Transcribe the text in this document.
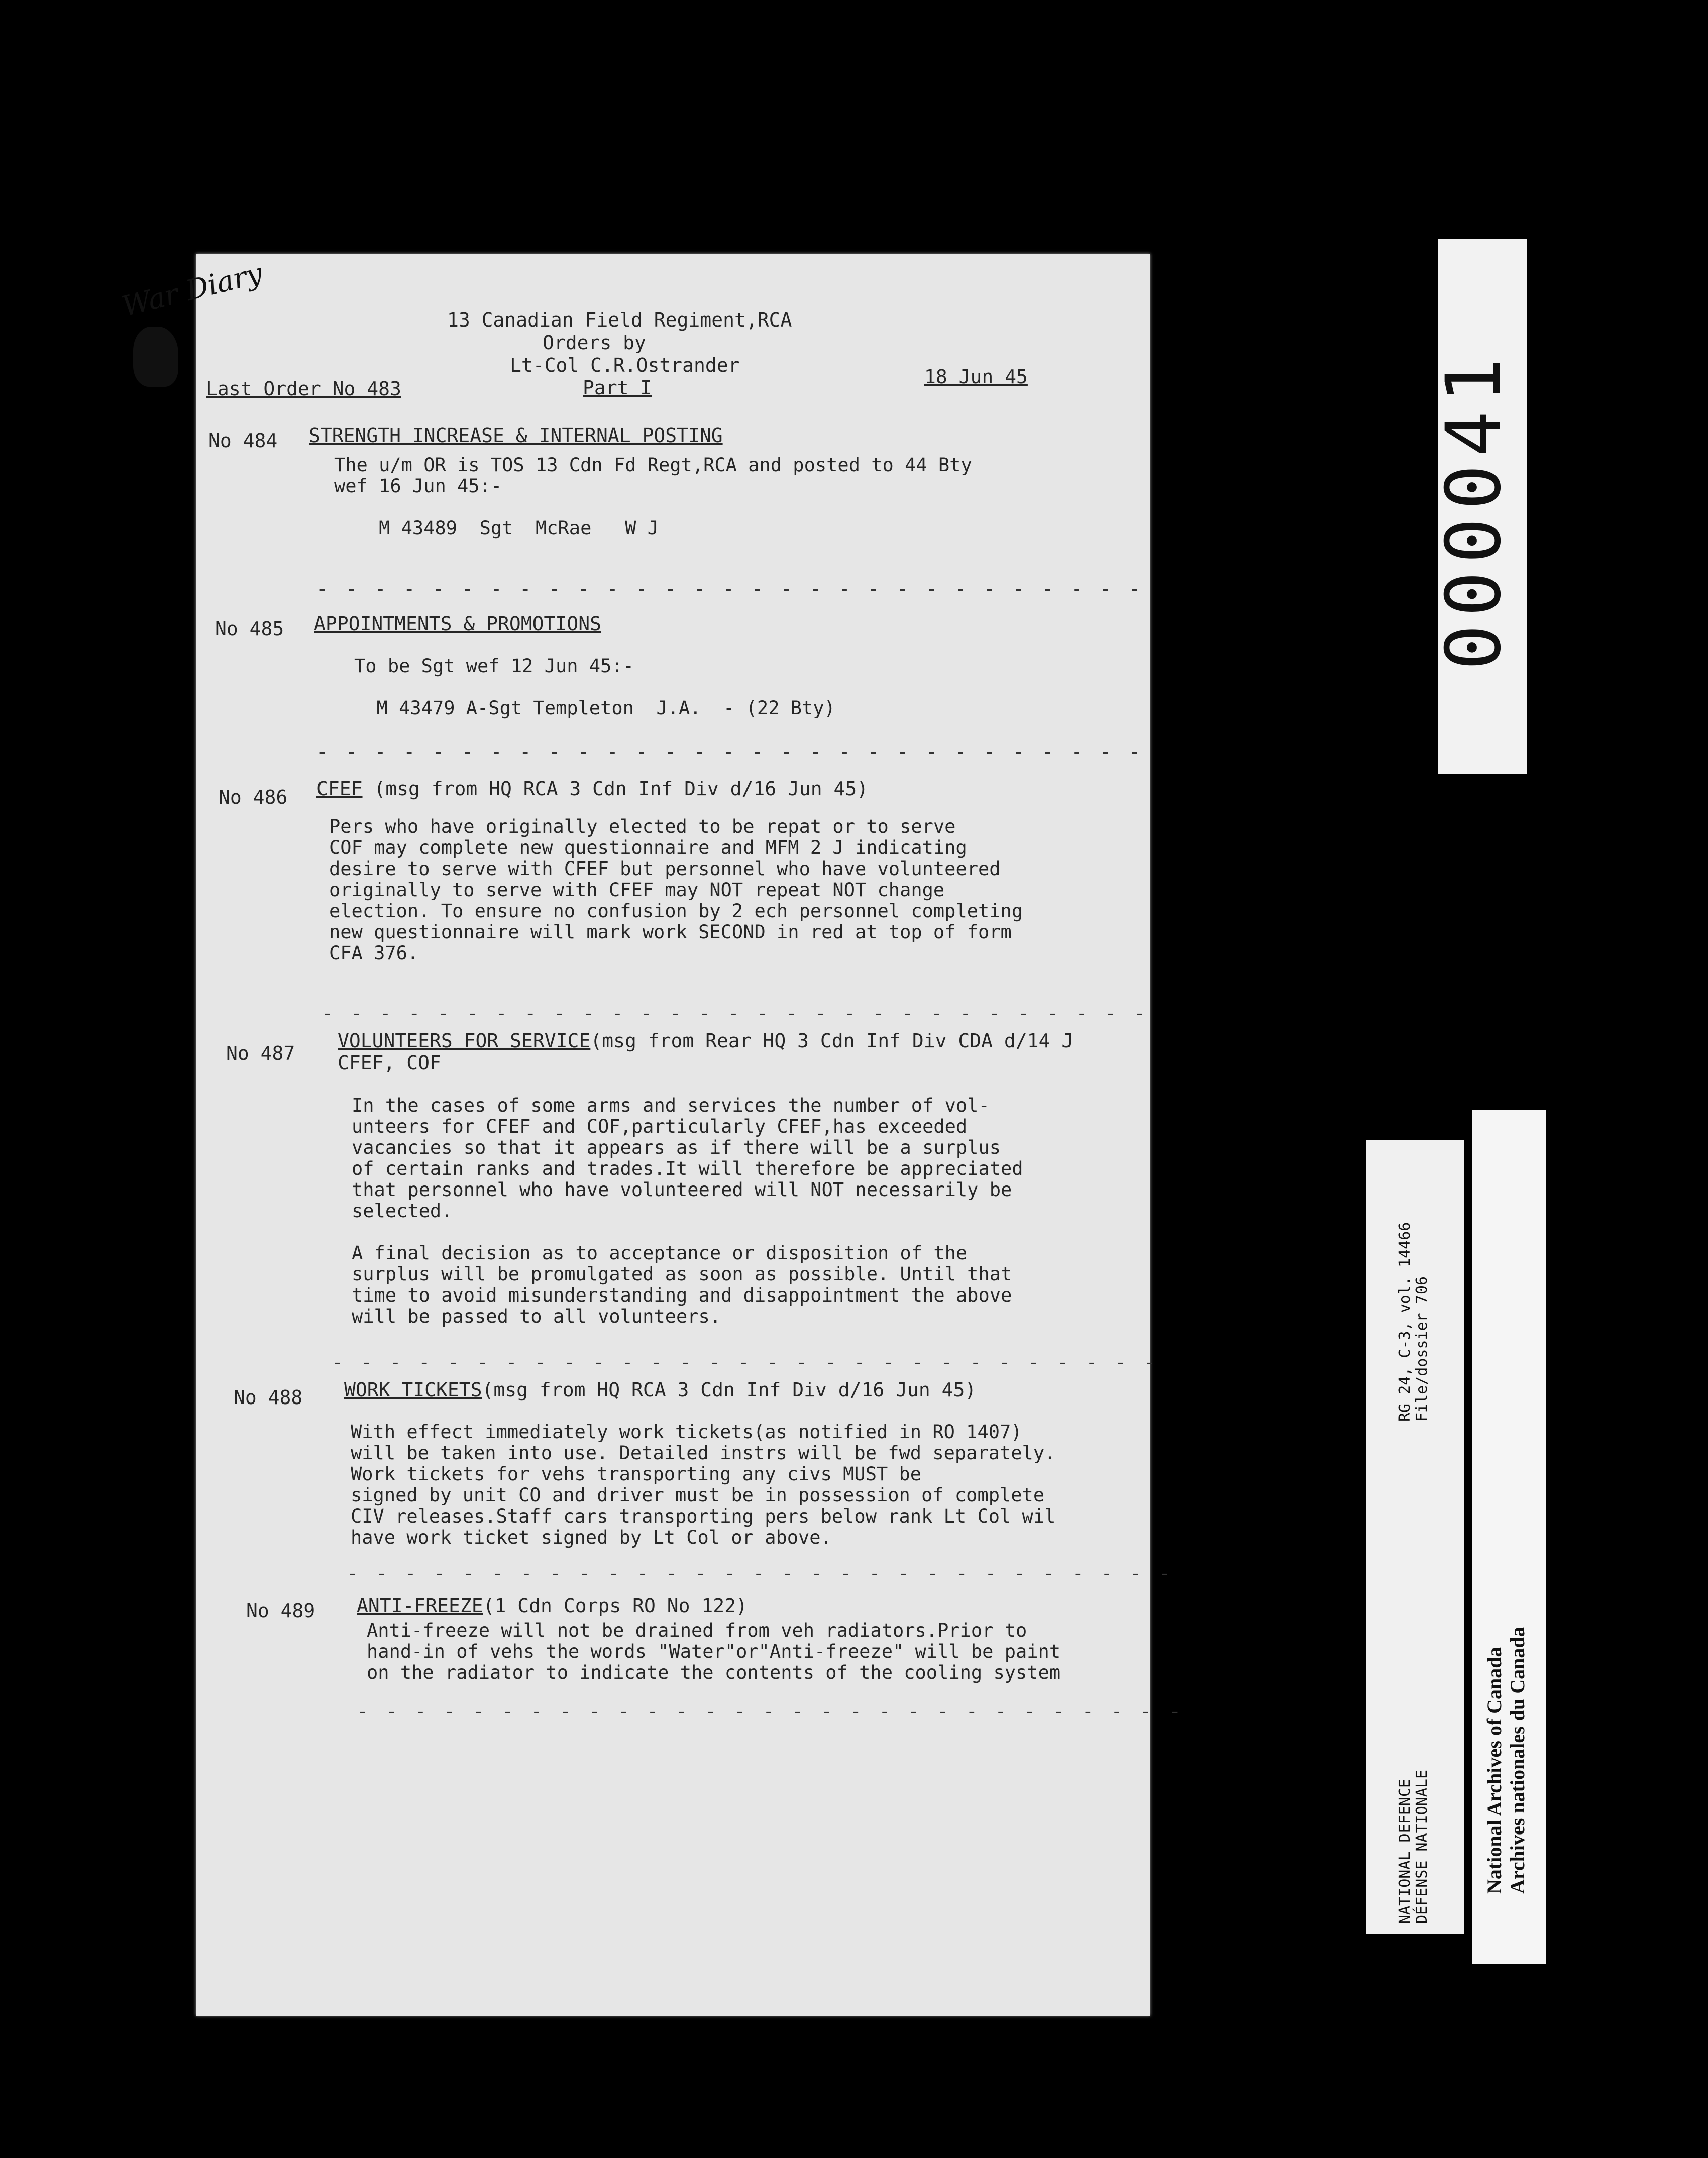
War Diary	13 Canadian Field Regiment,RCA
Orders by
Lt-Col C.R.Ostrander
Last Order No 483	Part I	18 Jun 45
No 484 STRENGTH INCREASE & INTERNAL POSTING
The u/m OR is TOS 13 Cdn Fd Regt,RCA and posted to 44 Bty
wef 16 Jun 45:-

M 43489  Sgt  McRae   W J
- - - - - - - - - - - - - - - - - - - - - - - - - - - - -
No 485 APPOINTMENTS & PROMOTIONS
To be Sgt wef 12 Jun 45:-

M 43479 A-Sgt Templeton  J.A.  - (22 Bty)
- - - - - - - - - - - - - - - - - - - - - - - - - - - - -
No 486 CFEF (msg from HQ RCA 3 Cdn Inf Div d/16 Jun 45)
Pers who have originally elected to be repat or to serve
COF may complete new questionnaire and MFM 2 J indicating
desire to serve with CFEF but personnel who have volunteered
originally to serve with CFEF may NOT repeat NOT change
election. To ensure no confusion by 2 ech personnel completing
new questionnaire will mark work SECOND in red at top of form
CFA 376.
- - - - - - - - - - - - - - - - - - - - - - - - - - - - -
No 487
VOLUNTEERS FOR SERVICE(msg from Rear HQ 3 Cdn Inf Div CDA d/14 J
CFEF, COF
In the cases of some arms and services the number of vol-
unteers for CFEF and COF,particularly CFEF,has exceeded
vacancies so that it appears as if there will be a surplus
of certain ranks and trades.It will therefore be appreciated
that personnel who have volunteered will NOT necessarily be
selected.

A final decision as to acceptance or disposition of the
surplus will be promulgated as soon as possible. Until that
time to avoid misunderstanding and disappointment the above
will be passed to all volunteers.
- - - - - - - - - - - - - - - - - - - - - - - - - - - - -
No 488 WORK TICKETS(msg from HQ RCA 3 Cdn Inf Div d/16 Jun 45)
With effect immediately work tickets(as notified in RO 1407)
will be taken into use. Detailed instrs will be fwd separately.
Work tickets for vehs transporting any civs MUST be
signed by unit CO and driver must be in possession of complete
CIV releases.Staff cars transporting pers below rank Lt Col wil
have work ticket signed by Lt Col or above.
- - - - - - - - - - - - - - - - - - - - - - - - - - - - -
No 489 ANTI-FREEZE(1 Cdn Corps RO No 122)
Anti-freeze will not be drained from veh radiators.Prior to
hand-in of vehs the words "Water"or"Anti-freeze" will be paint
on the radiator to indicate the contents of the cooling system
- - - - - - - - - - - - - - - - - - - - - - - - - - - - -
000041
RG 24, C-3, vol. 14466
File/dossier 706
NATIONAL DEFENCE
DÉFENSE NATIONALE	National Archives of Canada
Archives nationales du Canada
